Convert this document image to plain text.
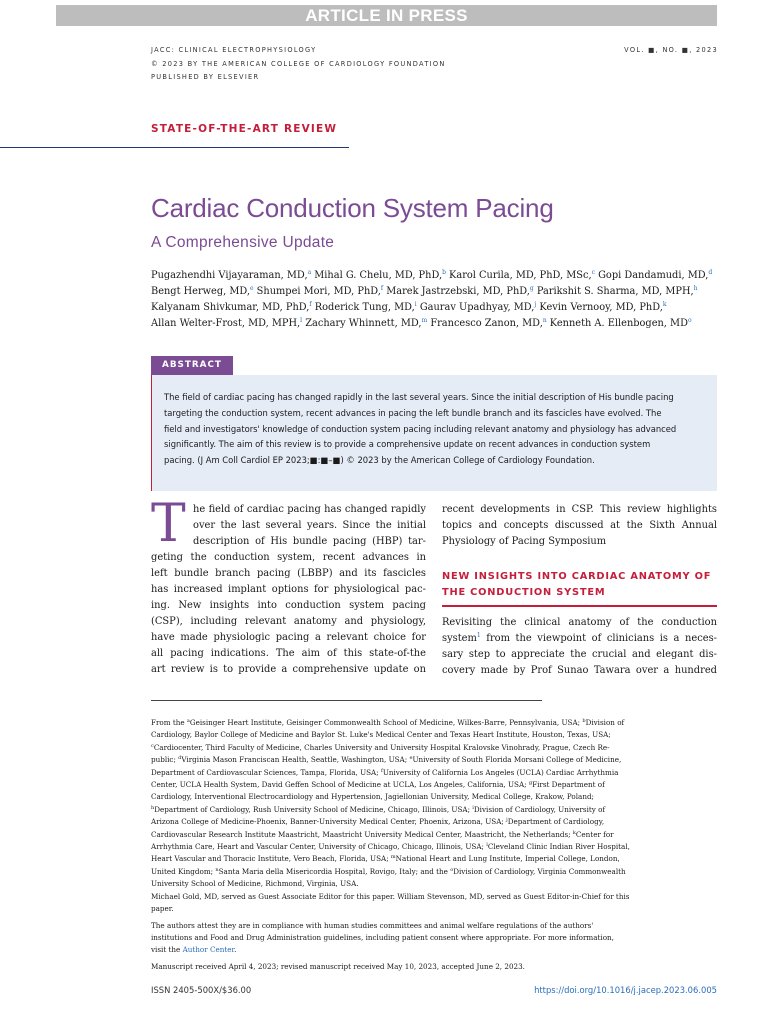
ARTICLE IN PRESS
JACC: CLINICAL ELECTROPHYSIOLOGY
© 2023 BY THE AMERICAN COLLEGE OF CARDIOLOGY FOUNDATION
PUBLISHED BY ELSEVIER
VOL. ■, NO. ■, 2023
STATE-OF-THE-ART REVIEW
Cardiac Conduction System Pacing
A Comprehensive Update
Pugazhendhi Vijayaraman, MD,$^a$ Mihal G. Chelu, MD, PhD,$^b$ Karol Curila, MD, PhD, MSc,$^c$ Gopi Dandamudi, MD,$^d$
Bengt Herweg, MD,$^e$ Shumpei Mori, MD, PhD,$^f$ Marek Jastrzebski, MD, PhD,$^g$ Parikshit S. Sharma, MD, MPH,$^h$
Kalyanam Shivkumar, MD, PhD,$^f$ Roderick Tung, MD,$^i$ Gaurav Upadhyay, MD,$^j$ Kevin Vernooy, MD, PhD,$^k$
Allan Welter-Frost, MD, MPH,$^l$ Zachary Whinnett, MD,$^m$ Francesco Zanon, MD,$^n$ Kenneth A. Ellenbogen, $MD^o$
ABSTRACT
The ﬁeld of cardiac pacing has changed rapidly in the last several years. Since the initial description of His bundle pacing
targeting the conduction system, recent advances in pacing the left bundle branch and its fascicles have evolved. The
ﬁeld and investigators' knowledge of conduction system pacing including relevant anatomy and physiology has advanced
signiﬁcantly. The aim of this review is to provide a comprehensive update on recent advances in conduction system
pacing. (J Am Coll Cardiol EP 2023;■:■–■) © 2023 by the American College of Cardiology Foundation.
T he ﬁeld of cardiac pacing has changed rapidly
over the last several years. Since the initial
description of His bundle pacing (HBP) tar-
geting the conduction system, recent advances in
left bundle branch pacing (LBBP) and its fascicles
has increased implant options for physiological pac-
ing. New insights into conduction system pacing
(CSP), including relevant anatomy and physiology,
have made physiologic pacing a relevant choice for
all pacing indications. The aim of this state-of-the
art review is to provide a comprehensive update on
recent developments in CSP. This review highlights
topics and concepts discussed at the Sixth Annual
Physiology of Pacing Symposium
NEW INSIGHTS INTO CARDIAC ANATOMY OF THE CONDUCTION SYSTEM
Revisiting the clinical anatomy of the conduction
system$^1$ from the viewpoint of clinicians is a neces-
sary step to appreciate the crucial and elegant dis-
covery made by Prof Sunao Tawara over a hundred
From the $^a$Geisinger Heart Institute, Geisinger Commonwealth School of Medicine, Wilkes-Barre, Pennsylvania, USA; $^b$Division of
Cardiology, Baylor College of Medicine and Baylor St. Luke's Medical Center and Texas Heart Institute, Houston, Texas, USA;
$^c$Cardiocenter, Third Faculty of Medicine, Charles University and University Hospital Kralovske Vinohrady, Prague, Czech Re-
public; $^d$Virginia Mason Franciscan Health, Seattle, Washington, USA; $^e$University of South Florida Morsani College of Medicine,
Department of Cardiovascular Sciences, Tampa, Florida, USA; $^f$University of California Los Angeles (UCLA) Cardiac Arrhythmia
Center, UCLA Health System, David Geffen School of Medicine at UCLA, Los Angeles, California, USA; $^g$First Department of
Cardiology, Interventional Electrocardiology and Hypertension, Jagiellonian University, Medical College, Krakow, Poland;
$^h$Department of Cardiology, Rush University School of Medicine, Chicago, Illinois, USA; $^i$Division of Cardiology, University of
Arizona College of Medicine-Phoenix, Banner-University Medical Center, Phoenix, Arizona, USA; $^j$Department of Cardiology,
Cardiovascular Research Institute Maastricht, Maastricht University Medical Center, Maastricht, the Netherlands; $^k$Center for
Arrhythmia Care, Heart and Vascular Center, University of Chicago, Chicago, Illinois, USA; $^l$Cleveland Clinic Indian River Hospital,
Heart Vascular and Thoracic Institute, Vero Beach, Florida, USA; $^m$National Heart and Lung Institute, Imperial College, London,
United Kingdom; $^n$Santa Maria della Misericordia Hospital, Rovigo, Italy; and the $^o$Division of Cardiology, Virginia Commonwealth
University School of Medicine, Richmond, Virginia, USA.
Michael Gold, MD, served as Guest Associate Editor for this paper. William Stevenson, MD, served as Guest Editor-in-Chief for this
paper.
The authors attest they are in compliance with human studies committees and animal welfare regulations of the authors'
institutions and Food and Drug Administration guidelines, including patient consent where appropriate. For more information,
visit the Author Center.
Manuscript received April 4, 2023; revised manuscript received May 10, 2023, accepted June 2, 2023.
ISSN 2405-500X/$36.00	https://doi.org/10.1016/j.jacep.2023.06.005
